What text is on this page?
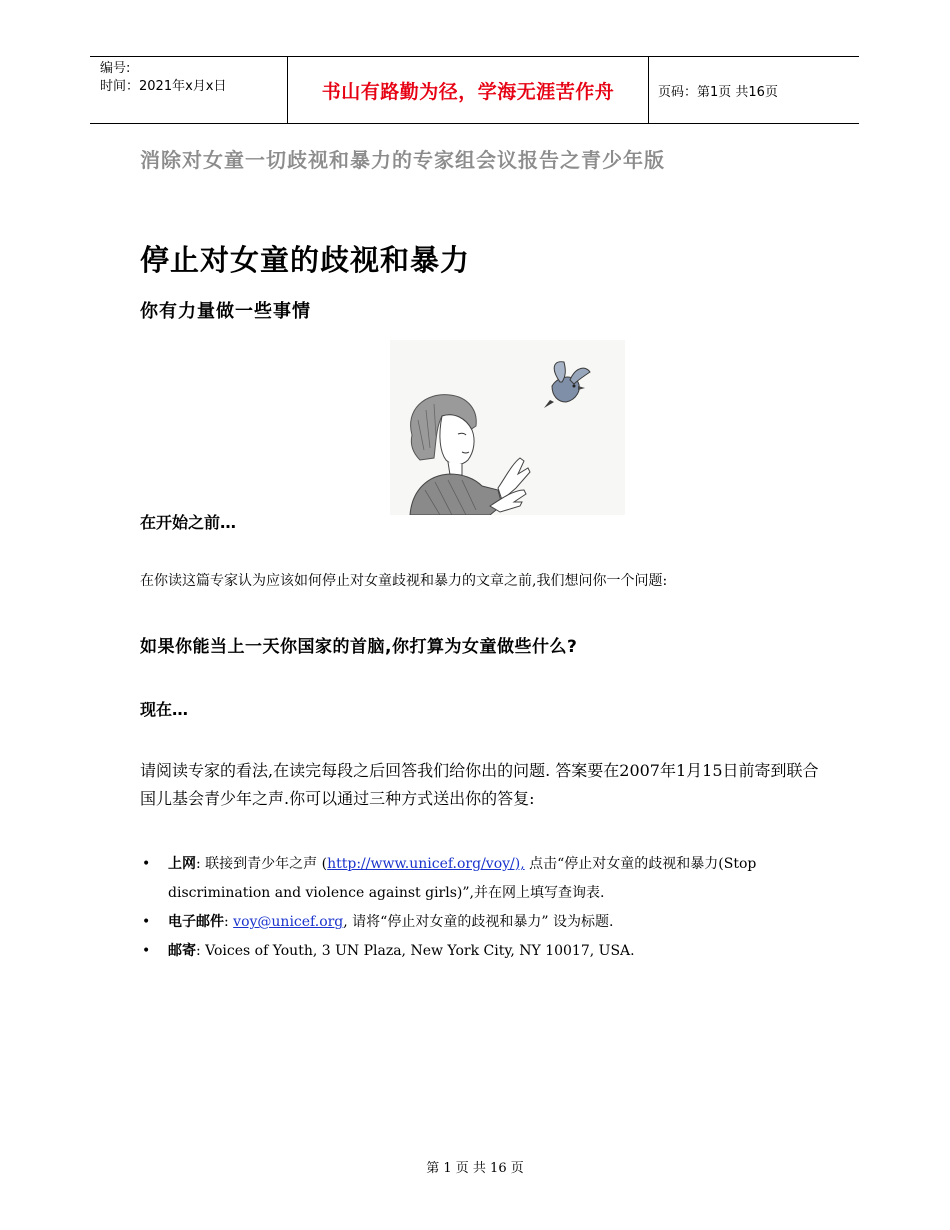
编号:
时间：2021年x月x日	书山有路勤为径，学海无涯苦作舟	页码：第1页 共16页
消除对女童一切歧视和暴力的专家组会议报告之青少年版
停止对女童的歧视和暴力
你有力量做一些事情
在开始之前…
在你读这篇专家认为应该如何停止对女童歧视和暴力的文章之前,我们想问你一个问题:
如果你能当上一天你国家的首脑,你打算为女童做些什么?
现在…
请阅读专家的看法,在读完每段之后回答我们给你出的问题. 答案要在2007年1月15日前寄到联合国儿基会青少年之声.你可以通过三种方式送出你的答复:
• 上网: 联接到青少年之声 (http://www.unicef.org/voy/), 点击“停止对女童的歧视和暴力(Stop discrimination and violence against girls)”,并在网上填写查询表.
• 电子邮件: voy@unicef.org, 请将“停止对女童的歧视和暴力” 设为标题.
• 邮寄: Voices of Youth, 3 UN Plaza, New York City, NY 10017, USA.
第 1 页 共 16 页
